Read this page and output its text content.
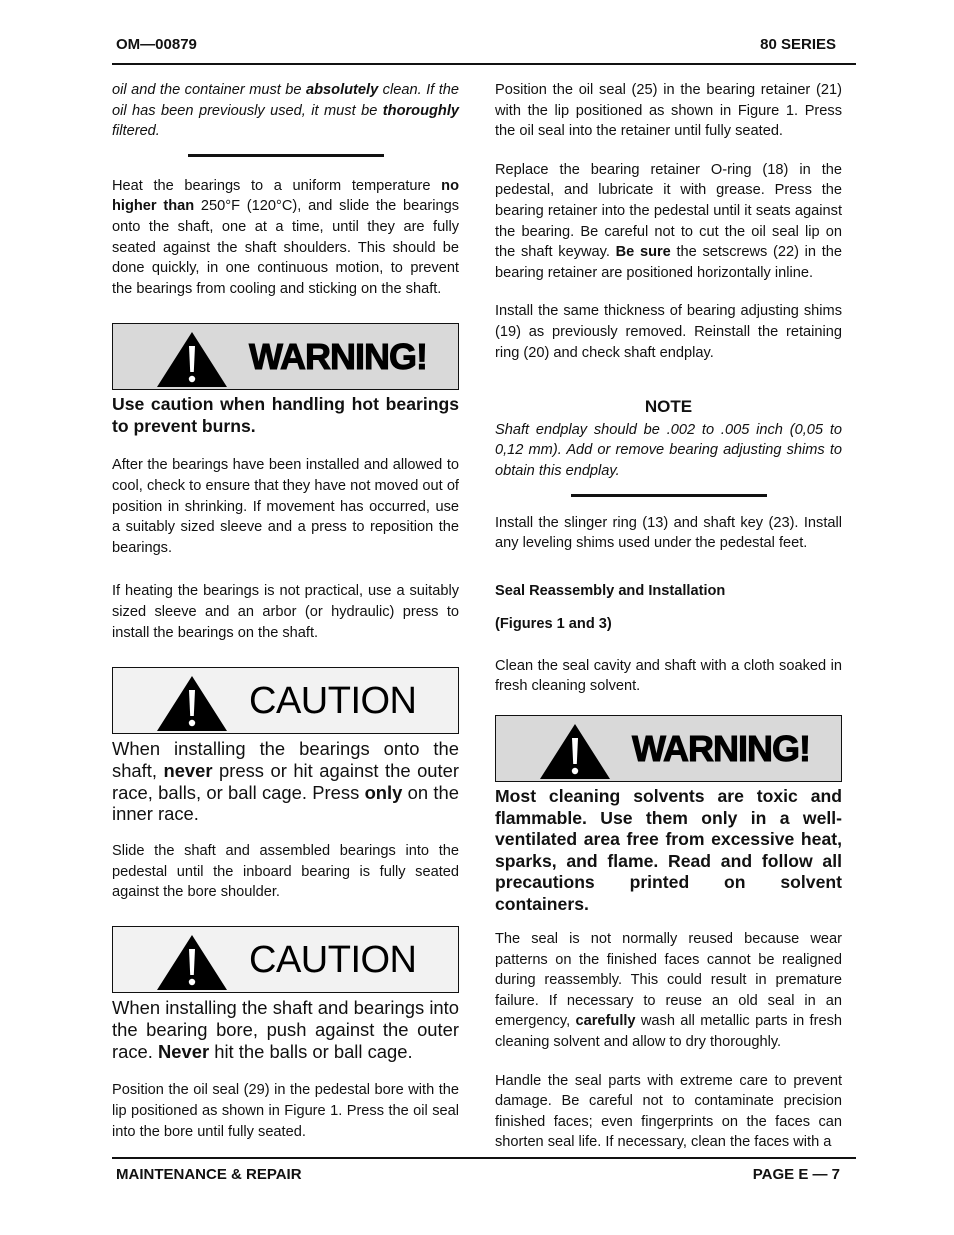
OM—00879	80 SERIES

oil and the container must be absolutely clean. If the oil has been previously used, it must be thoroughly filtered.

Heat the bearings to a uniform temperature no higher than 250°F (120°C), and slide the bearings onto the shaft, one at a time, until they are fully seated against the shaft shoulders. This should be done quickly, in one continuous motion, to prevent the bearings from cooling and sticking on the shaft.

WARNING!

Use caution when handling hot bearings to prevent burns.

After the bearings have been installed and allowed to cool, check to ensure that they have not moved out of position in shrinking. If movement has occurred, use a suitably sized sleeve and a press to reposition the bearings.

If heating the bearings is not practical, use a suitably sized sleeve and an arbor (or hydraulic) press to install the bearings on the shaft.

CAUTION

When installing the bearings onto the shaft, never press or hit against the outer race, balls, or ball cage. Press only on the inner race.

Slide the shaft and assembled bearings into the pedestal until the inboard bearing is fully seated against the bore shoulder.

CAUTION

When installing the shaft and bearings into the bearing bore, push against the outer race. Never hit the balls or ball cage.

Position the oil seal (29) in the pedestal bore with the lip positioned as shown in Figure 1. Press the oil seal into the bore until fully seated.

Position the oil seal (25) in the bearing retainer (21) with the lip positioned as shown in Figure 1. Press the oil seal into the retainer until fully seated.

Replace the bearing retainer O-ring (18) in the pedestal, and lubricate it with grease. Press the bearing retainer into the pedestal until it seats against the bearing. Be careful not to cut the oil seal lip on the shaft keyway. Be sure the setscrews (22) in the bearing retainer are positioned horizontally inline.

Install the same thickness of bearing adjusting shims (19) as previously removed. Reinstall the retaining ring (20) and check shaft endplay.

NOTE

Shaft endplay should be .002 to .005 inch (0,05 to 0,12 mm). Add or remove bearing adjusting shims to obtain this endplay.

Install the slinger ring (13) and shaft key (23). Install any leveling shims used under the pedestal feet.

Seal Reassembly and Installation

(Figures 1 and 3)

Clean the seal cavity and shaft with a cloth soaked in fresh cleaning solvent.

WARNING!

Most cleaning solvents are toxic and flammable. Use them only in a well-ventilated area free from excessive heat, sparks, and flame. Read and follow all precautions printed on solvent containers.

The seal is not normally reused because wear patterns on the finished faces cannot be realigned during reassembly. This could result in premature failure. If necessary to reuse an old seal in an emergency, carefully wash all metallic parts in fresh cleaning solvent and allow to dry thoroughly.

Handle the seal parts with extreme care to prevent damage. Be careful not to contaminate precision finished faces; even fingerprints on the faces can shorten seal life. If necessary, clean the faces with a

MAINTENANCE & REPAIR	PAGE E — 7
